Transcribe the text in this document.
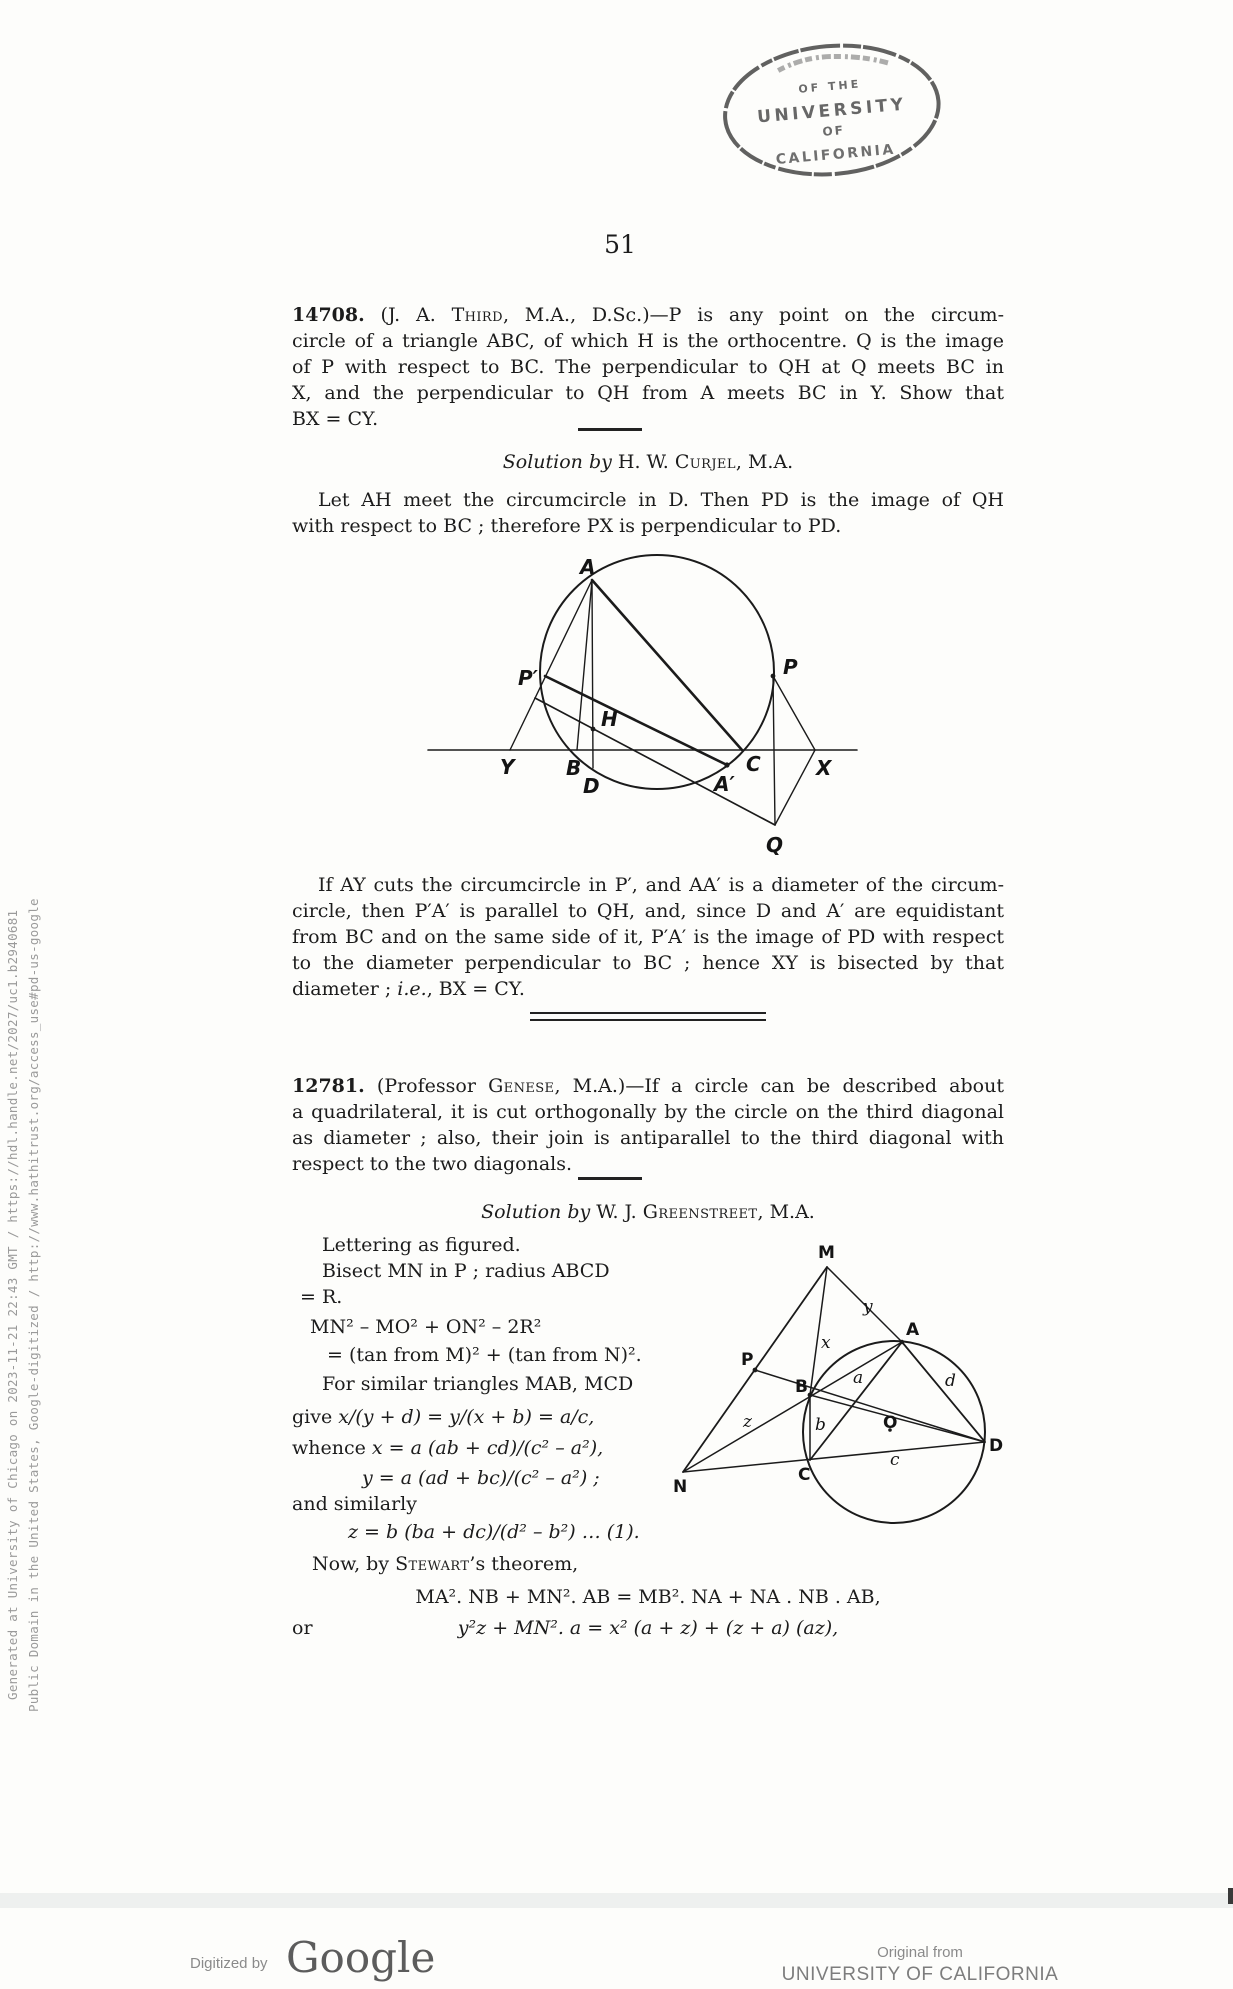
OF THE
UNIVERSITY
OF
CALIFORNIA
51
14708. (J. A. Third, M.A., D.Sc.)—P is any point on the circum-
circle of a triangle ABC, of which H is the orthocentre. Q is the image
of P with respect to BC. The perpendicular to QH at Q meets BC in
X, and the perpendicular to QH from A meets BC in Y. Show that
BX = CY.
Solution by H. W. Curjel, M.A.
Let AH meet the circumcircle in D. Then PD is the image of QH
with respect to BC ; therefore PX is perpendicular to PD.
A
P′	P
H
Y	B
D	A′
C	X
Q
If AY cuts the circumcircle in P′, and AA′ is a diameter of the circum-
circle, then P′A′ is parallel to QH, and, since D and A′ are equidistant
from BC and on the same side of it, P′A′ is the image of PD with respect
to the diameter perpendicular to BC ; hence XY is bisected by that
diameter ; i.e., BX = CY.
12781. (Professor Genese, M.A.)—If a circle can be described about
a quadrilateral, it is cut orthogonally by the circle on the third diagonal
as diameter ; also, their join is antiparallel to the third diagonal with
respect to the two diagonals.
Solution by W. J. Greenstreet, M.A.
Lettering as figured.
Bisect MN in P ; radius ABCD
= R.
MN² – MO² + ON² – 2R²
= (tan from M)² + (tan from N)².
For similar triangles MAB, MCD
give x/(y + d) = y/(x + b) = a/c,
whence x = a (ab + cd)/(c² – a²),
y = a (ad + bc)/(c² – a²) ;
and similarly
z = b (ba + dc)/(d² – b²) … (1).
Now, by Stewart’s theorem,
MA². NB + MN². AB = MB². NA + NA . NB . AB,
or	y²z + MN². a = x² (a + z) + (z + a) (az),
M
y
x
A
P
B	a	d
z	b	O
D
c
N
C
Generated at University of Chicago on 2023-11-21 22:43 GMT / https://hdl.handle.net/2027/uc1.b2940681 Public Domain in the United States, Google-digitized / http://www.hathitrust.org/access_use#pd-us-google
Digitized by Google	Original from
UNIVERSITY OF CALIFORNIA
